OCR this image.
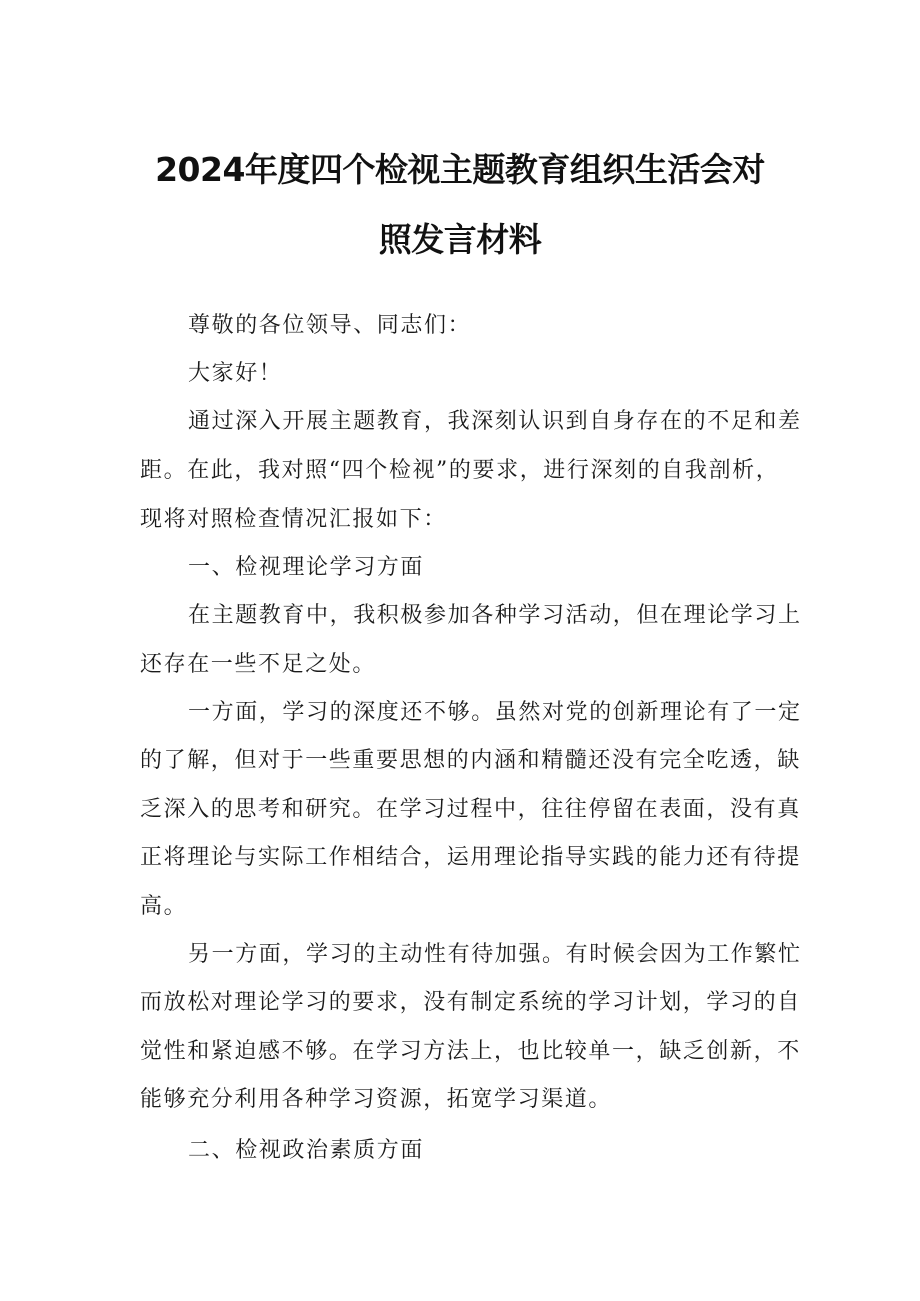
2024年度四个检视主题教育组织生活会对
照发言材料
尊敬的各位领导、同志们：
大家好！
通过深入开展主题教育，我深刻认识到自身存在的不足和差
距。在此，我对照“四个检视”的要求，进行深刻的自我剖析，
现将对照检查情况汇报如下：
一、检视理论学习方面
在主题教育中，我积极参加各种学习活动，但在理论学习上
还存在一些不足之处。
一方面，学习的深度还不够。虽然对党的创新理论有了一定
的了解，但对于一些重要思想的内涵和精髓还没有完全吃透，缺
乏深入的思考和研究。在学习过程中，往往停留在表面，没有真
正将理论与实际工作相结合，运用理论指导实践的能力还有待提
高。
另一方面，学习的主动性有待加强。有时候会因为工作繁忙
而放松对理论学习的要求，没有制定系统的学习计划，学习的自
觉性和紧迫感不够。在学习方法上，也比较单一，缺乏创新，不
能够充分利用各种学习资源，拓宽学习渠道。
二、检视政治素质方面
